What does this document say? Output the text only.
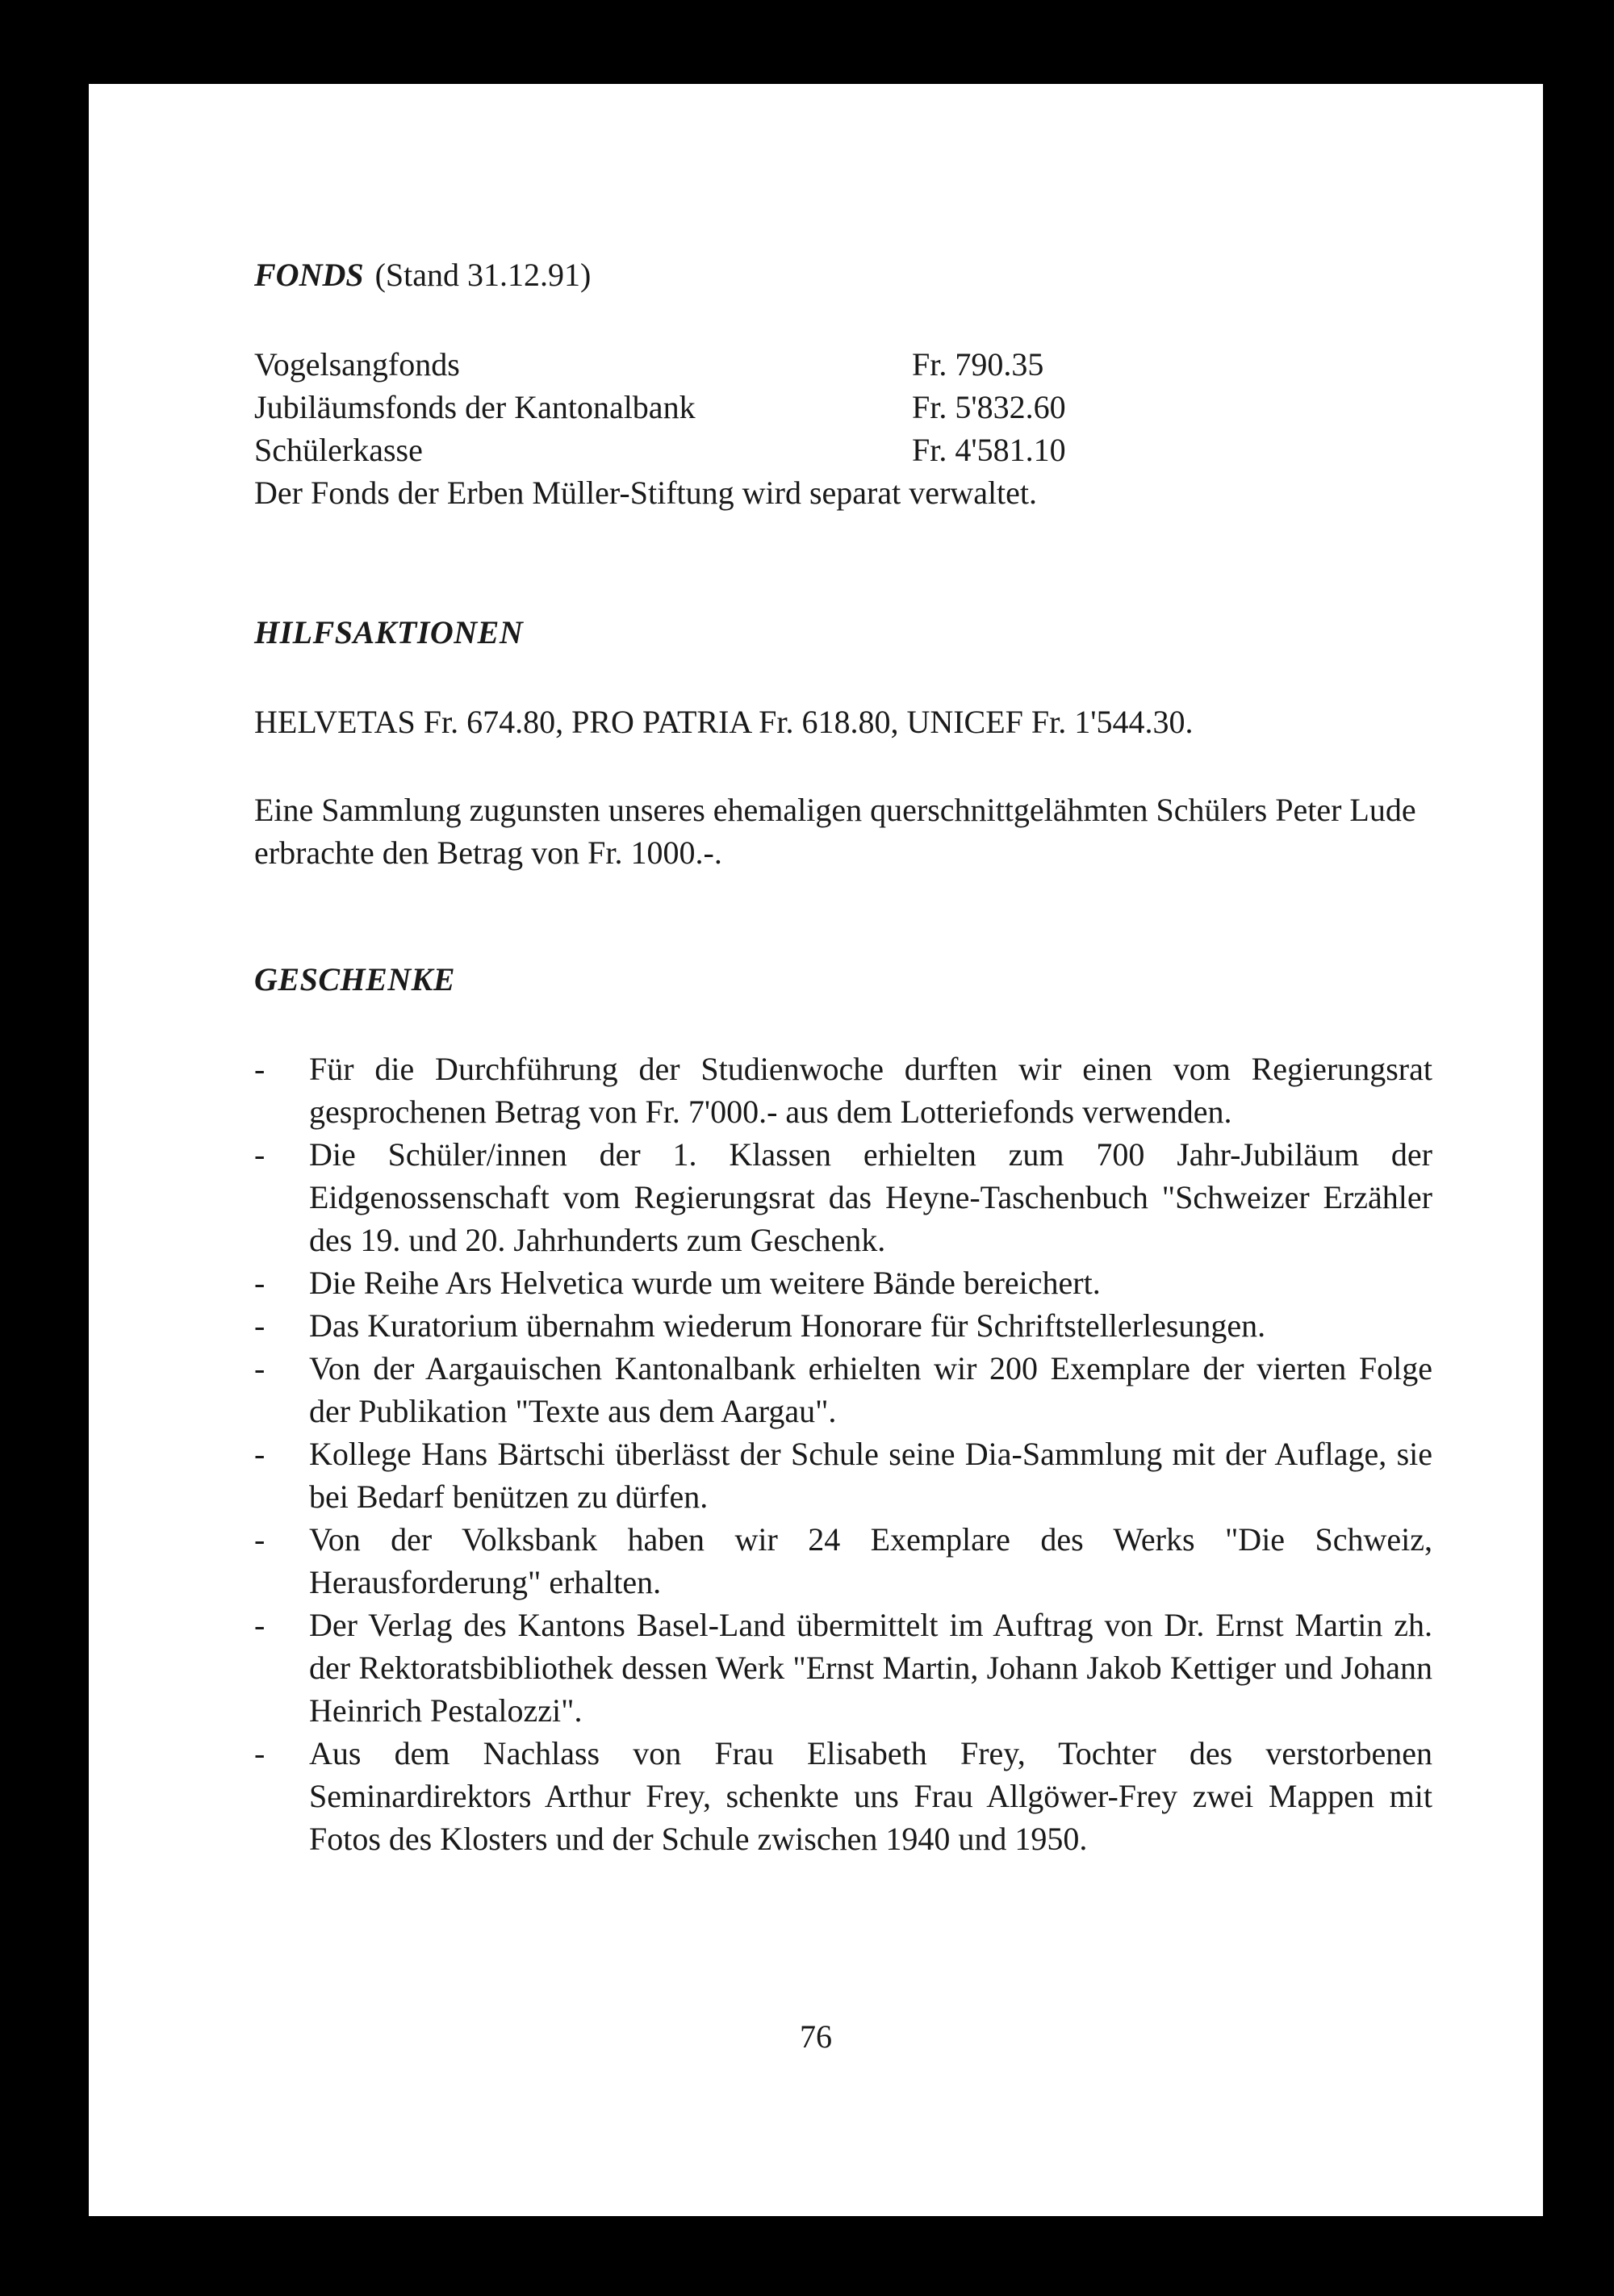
FONDS (Stand 31.12.91)
Vogelsangfonds	Fr. 790.35
Jubiläumsfonds der Kantonalbank	Fr. 5'832.60
Schülerkasse	Fr. 4'581.10
Der Fonds der Erben Müller-Stiftung wird separat verwaltet.
HILFSAKTIONEN
HELVETAS Fr. 674.80, PRO PATRIA Fr. 618.80, UNICEF Fr. 1'544.30.
Eine Sammlung zugunsten unseres ehemaligen querschnittgelähmten Schülers Peter Lude erbrachte den Betrag von Fr. 1000.-.
GESCHENKE
- Für die Durchführung der Studienwoche durften wir einen vom Regierungsrat gesprochenen Betrag von Fr. 7'000.- aus dem Lotteriefonds verwenden.
- Die Schüler/innen der 1. Klassen erhielten zum 700 Jahr-Jubiläum der Eidgenossenschaft vom Regierungsrat das Heyne-Taschenbuch "Schweizer Erzähler des 19. und 20. Jahrhunderts zum Geschenk.
- Die Reihe Ars Helvetica wurde um weitere Bände bereichert.
- Das Kuratorium übernahm wiederum Honorare für Schriftstellerlesungen.
- Von der Aargauischen Kantonalbank erhielten wir 200 Exemplare der vierten Folge der Publikation "Texte aus dem Aargau".
- Kollege Hans Bärtschi überlässt der Schule seine Dia-Sammlung mit der Auflage, sie bei Bedarf benützen zu dürfen.
- Von der Volksbank haben wir 24 Exemplare des Werks "Die Schweiz, Herausforderung" erhalten.
- Der Verlag des Kantons Basel-Land übermittelt im Auftrag von Dr. Ernst Martin zh. der Rektoratsbibliothek dessen Werk "Ernst Martin, Johann Jakob Kettiger und Johann Heinrich Pestalozzi".
- Aus dem Nachlass von Frau Elisabeth Frey, Tochter des verstorbenen Seminardirektors Arthur Frey, schenkte uns Frau Allgöwer-Frey zwei Mappen mit Fotos des Klosters und der Schule zwischen 1940 und 1950.
76
